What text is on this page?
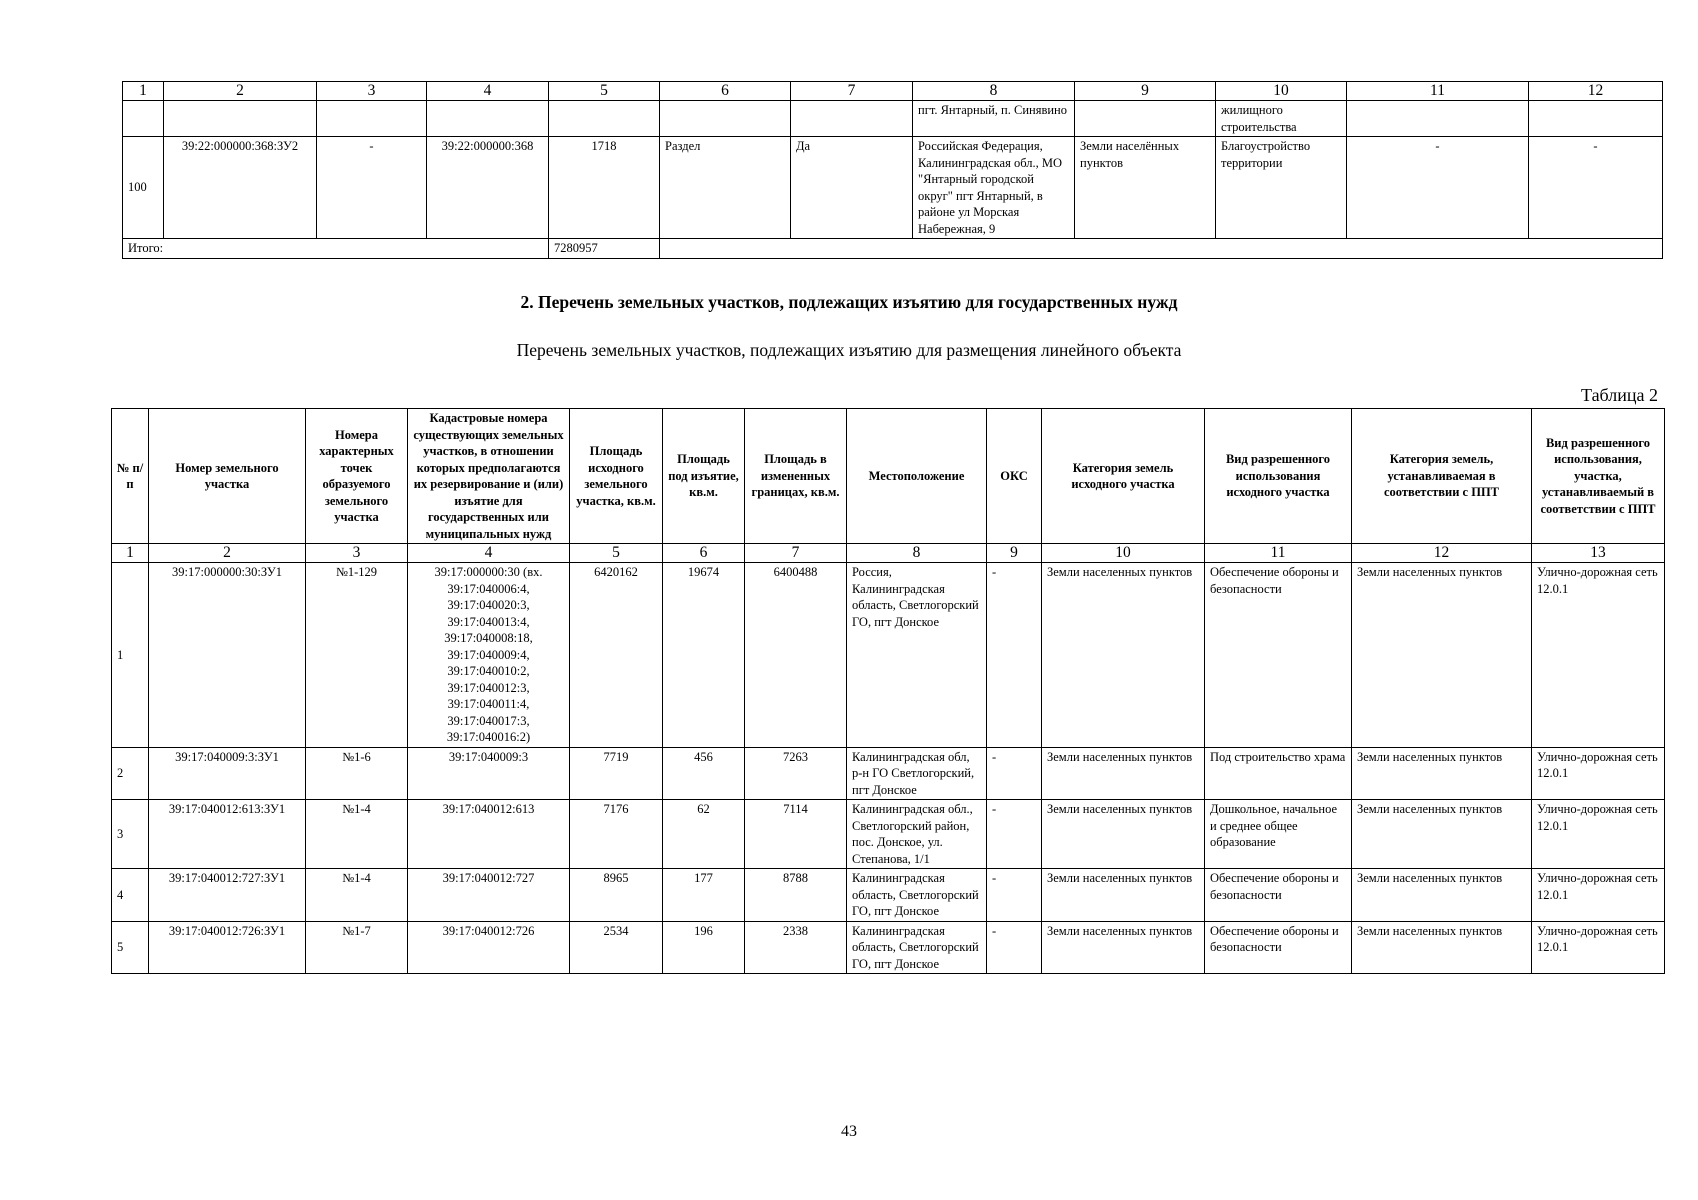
1	2	3	4	5	6	7	8	9	10	11	12
							пгт. Янтарный, п. Синявино		жилищного строительства		
100	39:22:000000:368:ЗУ2	-	39:22:000000:368	1718	Раздел	Да	Российская Федерация, Калининградская обл., МО "Янтарный городской округ" пгт Янтарный, в районе ул Морская Набережная, 9	Земли населённых пунктов	Благоустройство территории	-	-
Итого:				7280957							
2. Перечень земельных участков, подлежащих изъятию для государственных нужд
Перечень земельных участков, подлежащих изъятию для размещения линейного объекта
Таблица 2
№ п/п	Номер земельного участка	Номера характерных точек образуемого земельного участка	Кадастровые номера существующих земельных участков, в отношении которых предполагаются их резервирование и (или) изъятие для государственных или муниципальных нужд	Площадь исходного земельного участка, кв.м.	Площадь под изъятие, кв.м.	Площадь в измененных границах, кв.м.	Местоположение	ОКС	Категория земель исходного участка	Вид разрешенного использования исходного участка	Категория земель, устанавливаемая в соответствии с ППТ	Вид разрешенного использования, участка, устанавливаемый в соответствии с ППТ
1	2	3	4	5	6	7	8	9	10	11	12	13
1	39:17:000000:30:ЗУ1	№1-129	39:17:000000:30 (вх. 39:17:040006:4, 39:17:040020:3, 39:17:040013:4, 39:17:040008:18, 39:17:040009:4, 39:17:040010:2, 39:17:040012:3, 39:17:040011:4, 39:17:040017:3, 39:17:040016:2)	6420162	19674	6400488	Россия, Калининградская область, Светлогорский ГО, пгт Донское	-	Земли населенных пунктов	Обеспечение обороны и безопасности	Земли населенных пунктов	Улично-дорожная сеть 12.0.1
2	39:17:040009:3:ЗУ1	№1-6	39:17:040009:3	7719	456	7263	Калининградская обл, р-н ГО Светлогорский, пгт Донское	-	Земли населенных пунктов	Под строительство храма	Земли населенных пунктов	Улично-дорожная сеть 12.0.1
3	39:17:040012:613:ЗУ1	№1-4	39:17:040012:613	7176	62	7114	Калининградская обл., Светлогорский район, пос. Донское, ул. Степанова, 1/1	-	Земли населенных пунктов	Дошкольное, начальное и среднее общее образование	Земли населенных пунктов	Улично-дорожная сеть 12.0.1
4	39:17:040012:727:ЗУ1	№1-4	39:17:040012:727	8965	177	8788	Калининградская область, Светлогорский ГО, пгт Донское	-	Земли населенных пунктов	Обеспечение обороны и безопасности	Земли населенных пунктов	Улично-дорожная сеть 12.0.1
5	39:17:040012:726:ЗУ1	№1-7	39:17:040012:726	2534	196	2338	Калининградская область, Светлогорский ГО, пгт Донское	-	Земли населенных пунктов	Обеспечение обороны и безопасности	Земли населенных пунктов	Улично-дорожная сеть 12.0.1
43
